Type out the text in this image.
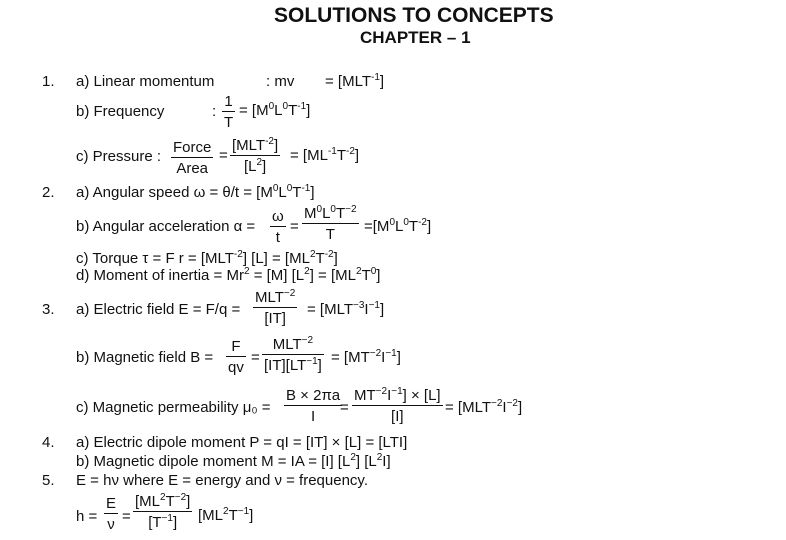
SOLUTIONS TO CONCEPTS
CHAPTER – 1
1. a) Linear momentum	: mv = $[MLT^{-1}]$
b) Frequency	: $\frac{1}{T} = [M^0L^0T^{-1}]$
c) Pressure :
Force
Area
=
$[MLT^{-2}]$
$[L^2]$
= $[ML^{-1}T^{-2}]$
2. a) Angular speed $\omega = \theta/t = [M^0L^0T^{-1}]$
b) Angular acceleration $\alpha = \frac{\omega}{t} = \frac{M^0L^0T^{-2}}{T} =[M^0L^0T^{-2}]$
c) Torque τ = F $r = [MLT^{-2}] [L] = [ML^2T^{-2}]$
d) Moment of inertia = $Mr^2 = [M] [L^2] = [ML^2T^0]$
3. a) Electric field E = F/q =
$MLT^{-2}$
[IT]
= $[MLT^{-3}I^{-1}]$
b) Magnetic field $B = \frac{F}{qv}$ =
$MLT^{-2}$
$[IT][LT^{-1}] = [MT^{-2}I^{-1}]$
c) Magnetic permeability $\mu_0 = \frac{B \times 2\pi a}{I}$
= $\frac{MT^{-2}I^{-1}] \times [L]}{[I]} = [MLT^{-2}I^{-2}]$
4. a) Electric dipole moment P = qI = [IT] × [L] = [LTI]
b) Magnetic dipole moment M = IA = [I] $[L^2]$ $[L^2I]$
5. E = hν where E = energy and ν = frequency.
$h = \frac{E}{\nu} = \frac{[ML^2T^{-2}]}{[T^{-1}]} [ML^2T^{-1}]$
